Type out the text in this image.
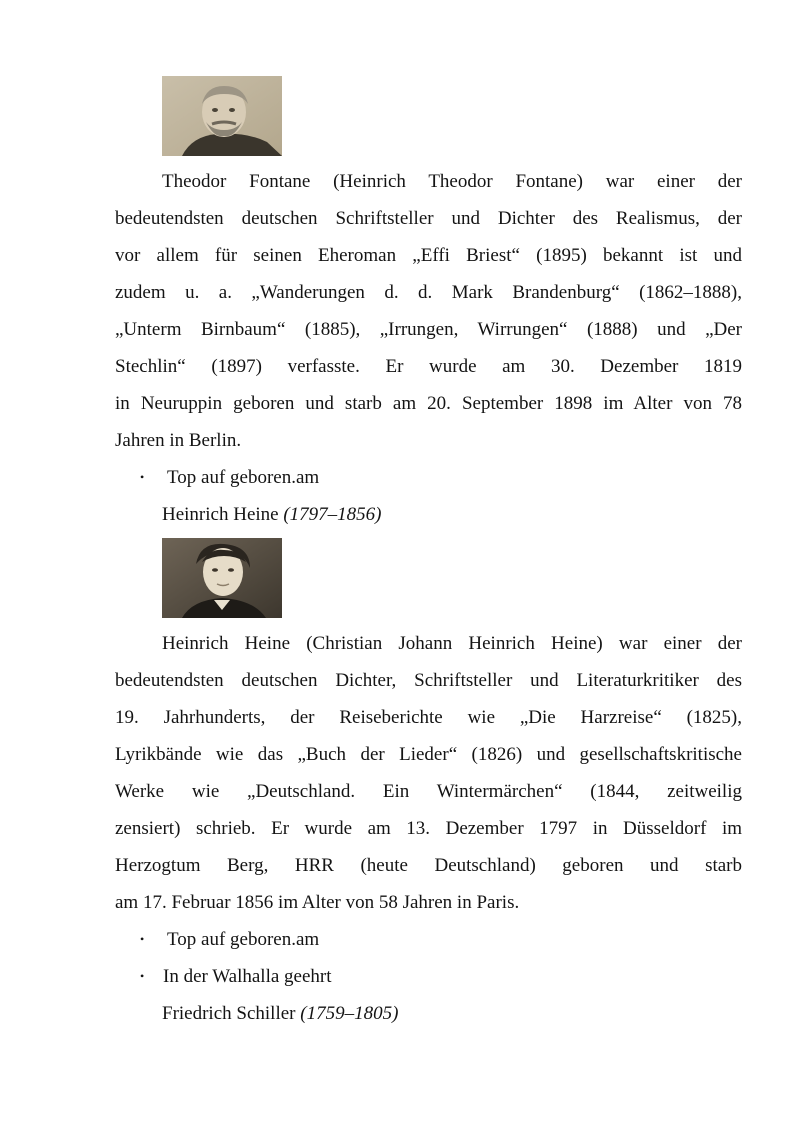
Theodor Fontane (Heinrich Theodor Fontane) war einer der
bedeutendsten deutschen Schriftsteller und Dichter des Realismus, der
vor allem für seinen Eheroman „Effi Briest“ (1895) bekannt ist und
zudem u. a. „Wanderungen d. d. Mark Brandenburg“ (1862–1888),
„Unterm Birnbaum“ (1885), „Irrungen, Wirrungen“ (1888) und „Der
Stechlin“ (1897) verfasste. Er wurde am 30. Dezember 1819
in Neuruppin geboren und starb am 20. September 1898 im Alter von 78
Jahren in Berlin.
• Top auf geboren.am
Heinrich Heine (1797–1856)
Heinrich Heine (Christian Johann Heinrich Heine) war einer der
bedeutendsten deutschen Dichter, Schriftsteller und Literaturkritiker des
19. Jahrhunderts, der Reiseberichte wie „Die Harzreise“ (1825),
Lyrikbände wie das „Buch der Lieder“ (1826) und gesellschaftskritische
Werke wie „Deutschland. Ein Wintermärchen“ (1844, zeitweilig
zensiert) schrieb. Er wurde am 13. Dezember 1797 in Düsseldorf im
Herzogtum Berg, HRR (heute Deutschland) geboren und starb
am 17. Februar 1856 im Alter von 58 Jahren in Paris.
• Top auf geboren.am
• In der Walhalla geehrt
Friedrich Schiller (1759–1805)
